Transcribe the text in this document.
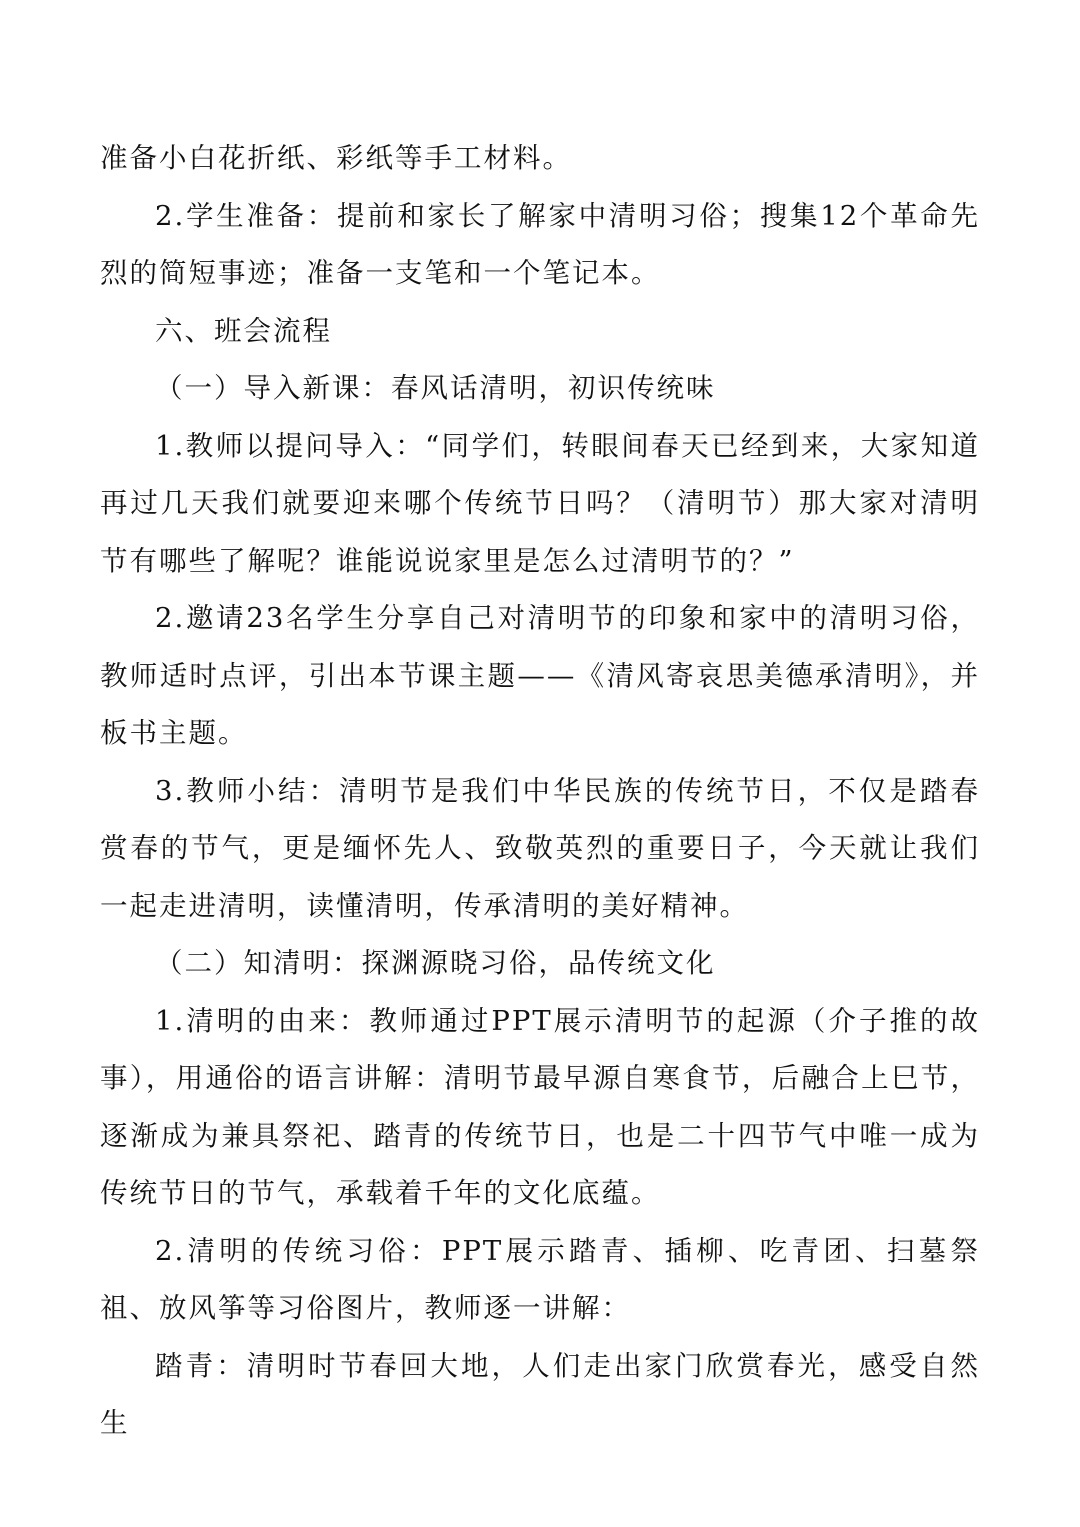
准备小白花折纸、彩纸等手工材料。

2.学生准备：提前和家长了解家中清明习俗；搜集12个革命先烈的简短事迹；准备一支笔和一个笔记本。

六、班会流程

（一）导入新课：春风话清明，初识传统味

1.教师以提问导入：“同学们，转眼间春天已经到来，大家知道再过几天我们就要迎来哪个传统节日吗？（清明节）那大家对清明节有哪些了解呢？谁能说说家里是怎么过清明节的？”

2.邀请23名学生分享自己对清明节的印象和家中的清明习俗，教师适时点评，引出本节课主题——《清风寄哀思美德承清明》，并板书主题。

3.教师小结：清明节是我们中华民族的传统节日，不仅是踏春赏春的节气，更是缅怀先人、致敬英烈的重要日子，今天就让我们一起走进清明，读懂清明，传承清明的美好精神。

（二）知清明：探渊源晓习俗，品传统文化

1.清明的由来：教师通过PPT展示清明节的起源（介子推的故事），用通俗的语言讲解：清明节最早源自寒食节，后融合上巳节，逐渐成为兼具祭祀、踏青的传统节日，也是二十四节气中唯一成为传统节日的节气，承载着千年的文化底蕴。

2.清明的传统习俗：PPT展示踏青、插柳、吃青团、扫墓祭祖、放风筝等习俗图片，教师逐一讲解：

踏青：清明时节春回大地，人们走出家门欣赏春光，感受自然生
